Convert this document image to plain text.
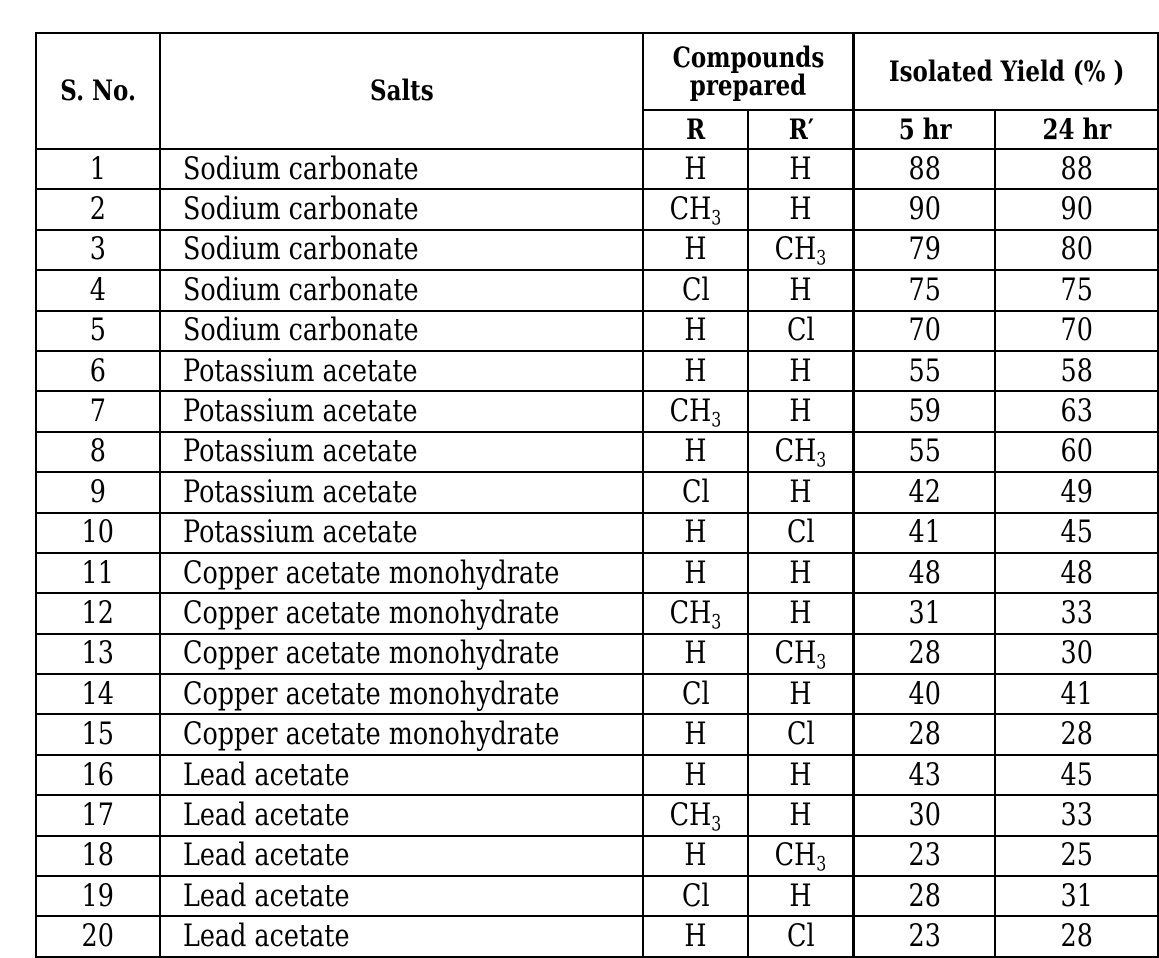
S. No.	Salts	Compounds
prepared		Isolated Yield (% )	
		R	R′	5 hr	24 hr
1	Sodium carbonate	H	H	88	88
2	Sodium carbonate	$CH_3$	H	90	90
3	Sodium carbonate	H	$CH_3$	79	80
4	Sodium carbonate	Cl	H	75	75
5	Sodium carbonate	H	Cl	70	70
6	Potassium acetate	H	H	55	58
7	Potassium acetate	$CH_3$	H	59	63
8	Potassium acetate	H	$CH_3$	55	60
9	Potassium acetate	Cl	H	42	49
10	Potassium acetate	H	Cl	41	45
11	Copper acetate monohydrate	H	H	48	48
12	Copper acetate monohydrate	$CH_3$	H	31	33
13	Copper acetate monohydrate	H	$CH_3$	28	30
14	Copper acetate monohydrate	Cl	H	40	41
15	Copper acetate monohydrate	H	Cl	28	28
16	Lead acetate	H	H	43	45
17	Lead acetate	$CH_3$	H	30	33
18	Lead acetate	H	$CH_3$	23	25
19	Lead acetate	Cl	H	28	31
20	Lead acetate	H	Cl	23	28
